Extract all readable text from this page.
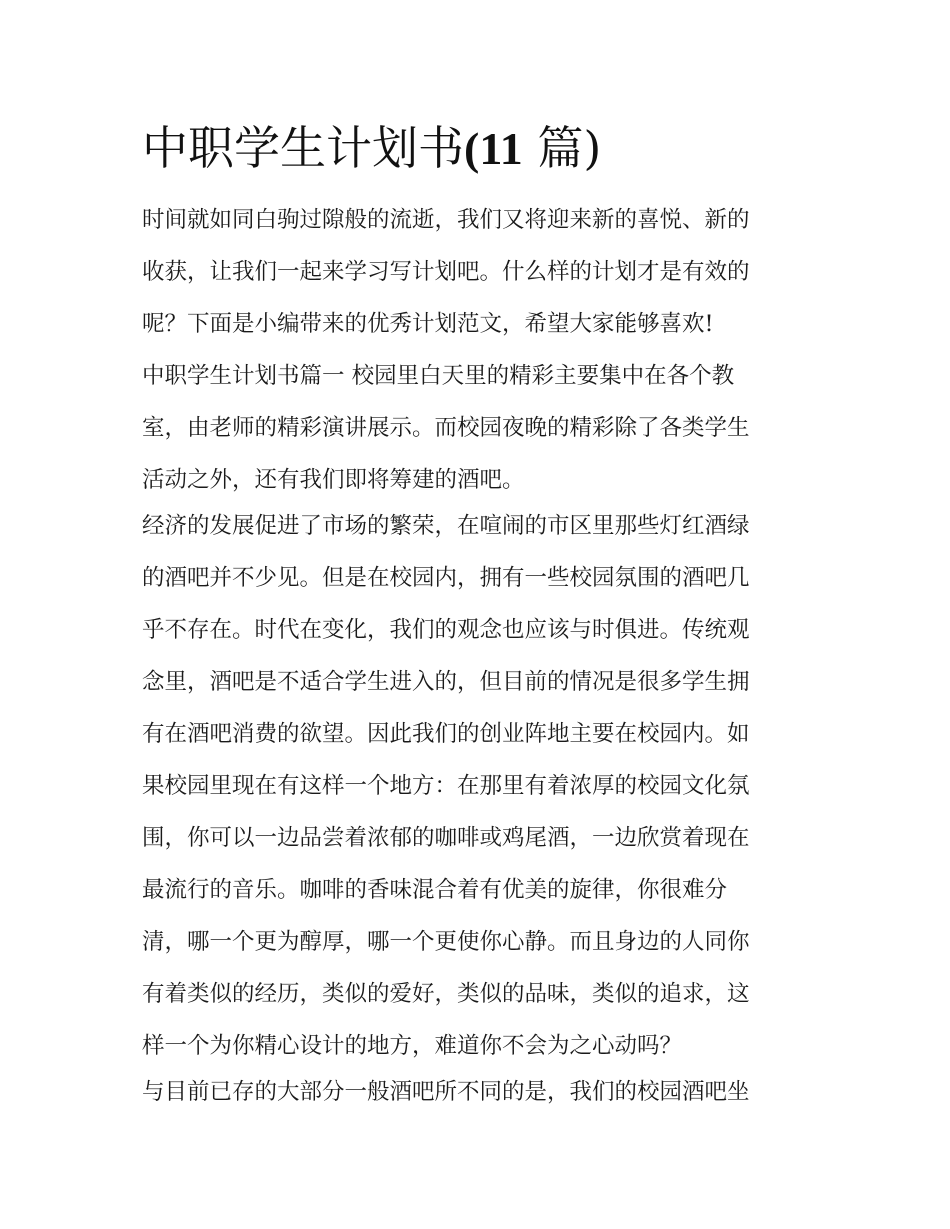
中职学生计划书(11 篇)

时间就如同白驹过隙般的流逝，我们又将迎来新的喜悦、新的

收获，让我们一起来学习写计划吧。什么样的计划才是有效的

呢？下面是小编带来的优秀计划范文，希望大家能够喜欢!

中职学生计划书篇一 校园里白天里的精彩主要集中在各个教

室，由老师的精彩演讲展示。而校园夜晚的精彩除了各类学生

活动之外，还有我们即将筹建的酒吧。

经济的发展促进了市场的繁荣，在喧闹的市区里那些灯红酒绿

的酒吧并不少见。但是在校园内，拥有一些校园氛围的酒吧几

乎不存在。时代在变化，我们的观念也应该与时俱进。传统观

念里，酒吧是不适合学生进入的，但目前的情况是很多学生拥

有在酒吧消费的欲望。因此我们的创业阵地主要在校园内。如

果校园里现在有这样一个地方：在那里有着浓厚的校园文化氛

围，你可以一边品尝着浓郁的咖啡或鸡尾酒，一边欣赏着现在

最流行的音乐。咖啡的香味混合着有优美的旋律，你很难分

清，哪一个更为醇厚，哪一个更使你心静。而且身边的人同你

有着类似的经历，类似的爱好，类似的品味，类似的追求，这

样一个为你精心设计的地方，难道你不会为之心动吗？

与目前已存的大部分一般酒吧所不同的是，我们的校园酒吧坐
